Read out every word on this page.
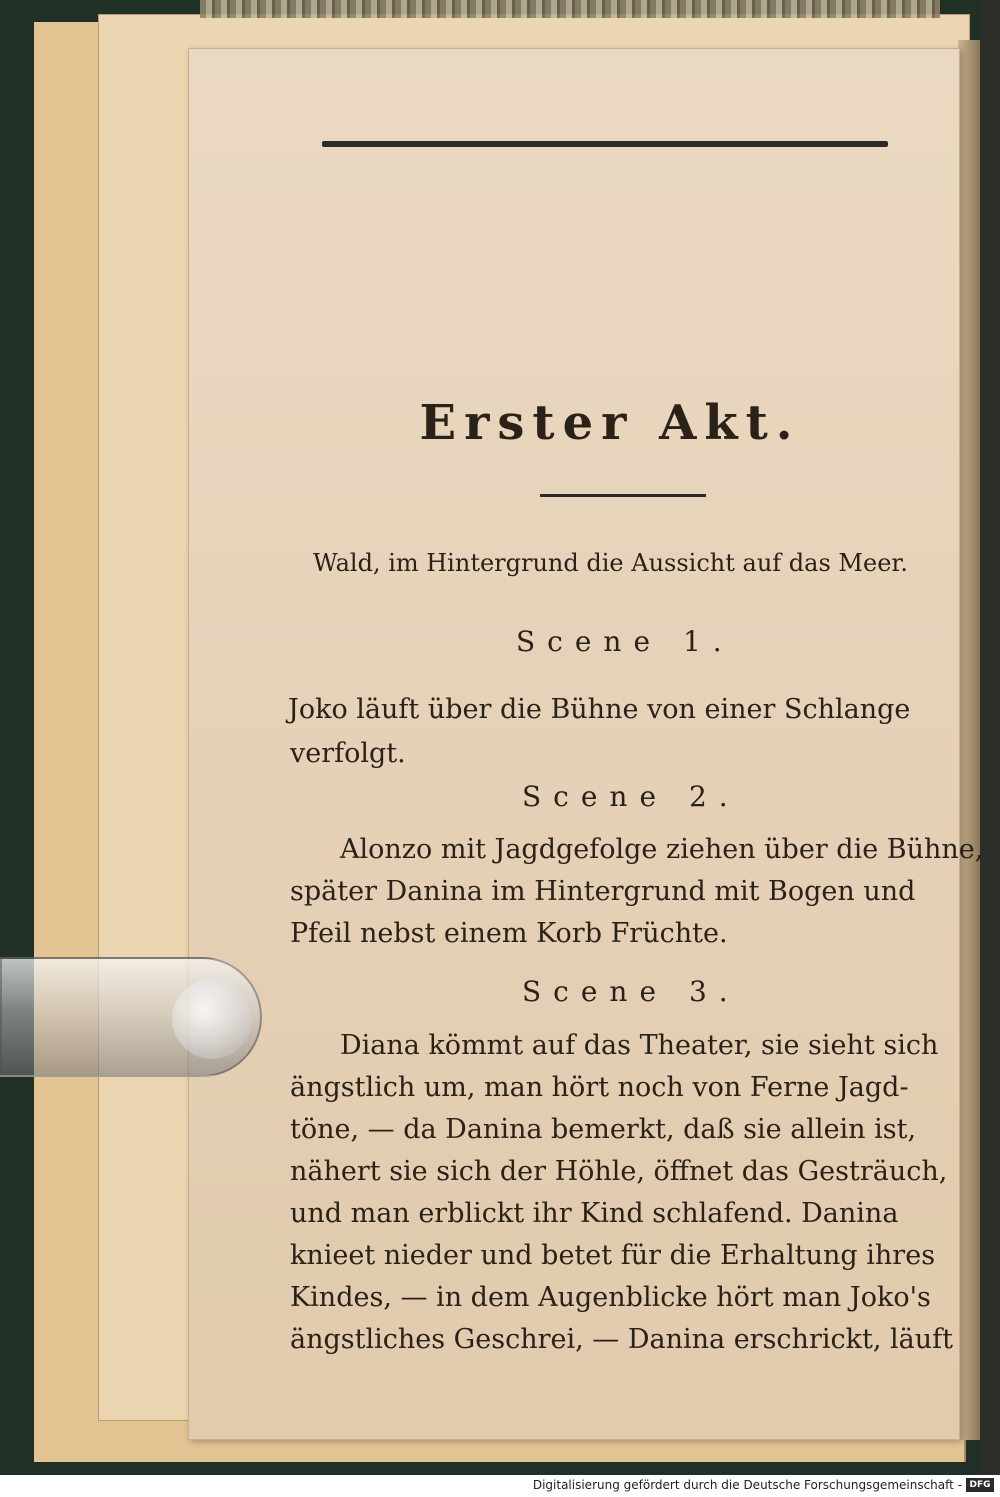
Erster Akt.
Wald, im Hintergrund die Aussicht auf das Meer.
Scene 1.
Joko läuft über die Bühne von einer Schlange
verfolgt.
Scene 2.
Alonzo mit Jagdgefolge ziehen über die Bühne,
später Danina im Hintergrund mit Bogen und
Pfeil nebst einem Korb Früchte.
Scene 3.
Diana kömmt auf das Theater, sie sieht sich
ängstlich um, man hört noch von Ferne Jagd-
töne, — da Danina bemerkt, daß sie allein ist,
nähert sie sich der Höhle, öffnet das Gesträuch,
und man erblickt ihr Kind schlafend. Danina
knieet nieder und betet für die Erhaltung ihres
Kindes, — in dem Augenblicke hört man Joko's
ängstliches Geschrei, — Danina erschrickt, läuft
Digitalisierung gefördert durch die Deutsche Forschungsgemeinschaft - DFG
